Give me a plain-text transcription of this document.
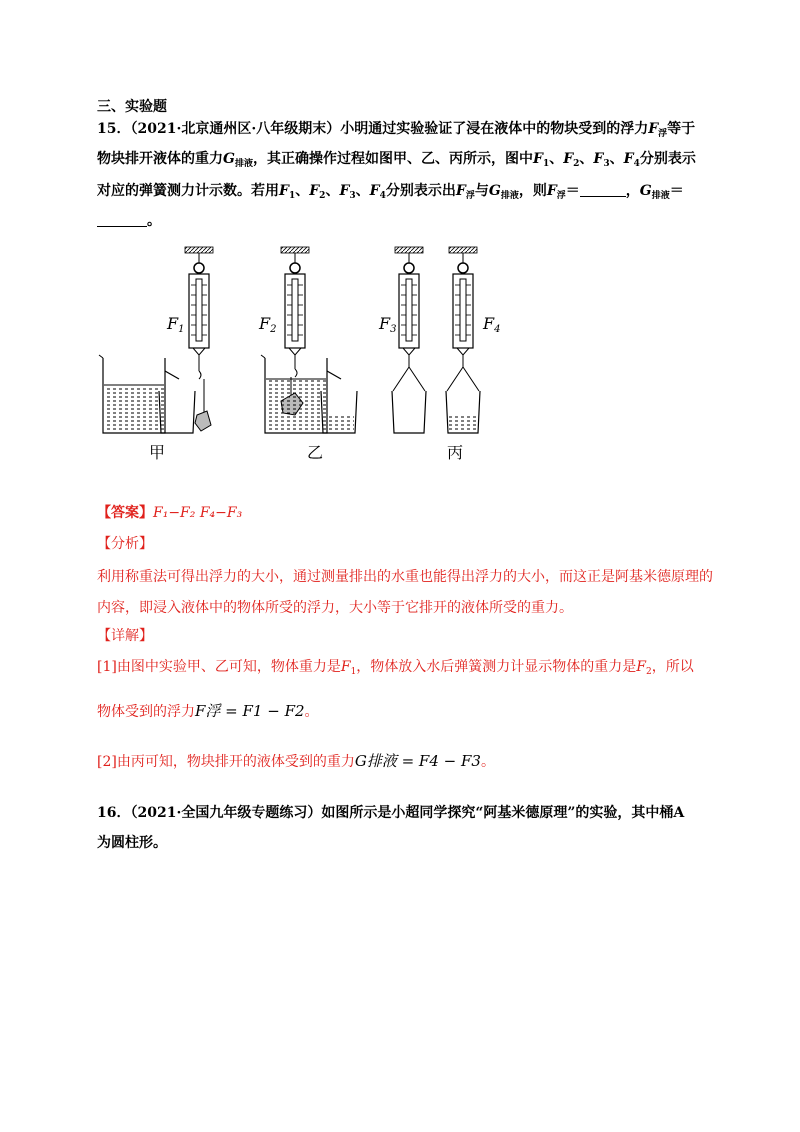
三、实验题
15．（2021·北京通州区·八年级期末）小明通过实验验证了浸在液体中的物块受到的浮力$F_浮$等于
物块排开液体的重力$G_{排液}$，其正确操作过程如图甲、乙、丙所示，图中$F_1$、$F_2$、$F_3$、$F_4$分别表示
对应的弹簧测力计示数。若用$F_1$、$F_2$、$F_3$、$F_4$分别表示出$F_浮$与$G_{排液}$，则$F_浮=$	，$G_{排液}=$
。
F1	F2	F3	F4
甲	乙	丙
【答案】F₁−F₂ F₄−F₃
【分析】
利用称重法可得出浮力的大小，通过测量排出的水重也能得出浮力的大小，而这正是阿基米德原理的内容，即浸入液体中的物体所受的浮力，大小等于它排开的液体所受的重力。
【详解】
[1]由图中实验甲、乙可知，物体重力是$F_1$，物体放入水后弹簧测力计显示物体的重力是$F_2$，所以
物体受到的浮力F浮 = F1 − F2。
[2]由丙可知，物块排开的液体受到的重力G排液 = F4 − F3。
16．（2021·全国九年级专题练习）如图所示是小超同学探究“阿基米德原理”的实验，其中桶A
为圆柱形。
